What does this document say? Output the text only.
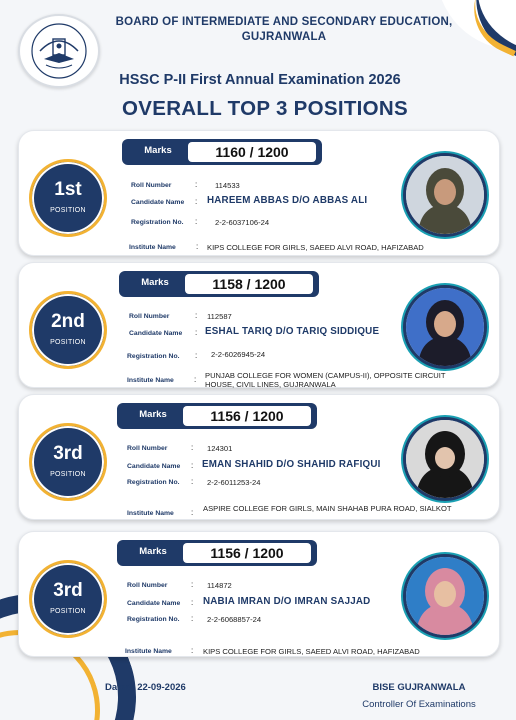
BOARD OF INTERMEDIATE AND SECONDARY EDUCATION,
GUJRANWALA
HSSC P-II First Annual Examination 2026
OVERALL TOP 3 POSITIONS
1st
POSITION
Marks	1160 / 1200
Roll Number	: 114533
Candidate Name : HAREEM ABBAS D/O ABBAS ALI
Registration No. : 2-2-6037106-24
Institute Name	: KIPS COLLEGE FOR GIRLS, SAEED ALVI ROAD, HAFIZABAD
2nd
POSITION
Marks	1158 / 1200
Roll Number	: 112587
Candidate Name : ESHAL TARIQ D/O TARIQ SIDDIQUE
Registration No. : 2-2-6026945-24
Institute Name	: PUNJAB COLLEGE FOR WOMEN (CAMPUS-II), OPPOSITE CIRCUIT HOUSE, CIVIL LINES, GUJRANWALA
3rd
POSITION
Marks	1156 / 1200
Roll Number	: 124301
Candidate Name : EMAN SHAHID D/O SHAHID RAFIQUI
Registration No. : 2-2-6011253-24
Institute Name : ASPIRE COLLEGE FOR GIRLS, MAIN SHAHAB PURA ROAD, SIALKOT
3rd
POSITION
Marks	1156 / 1200
Roll Number	: 114872
Candidate Name : NABIA IMRAN D/O IMRAN SAJJAD
Registration No. : 2-2-6068857-24
Institute Name : KIPS COLLEGE FOR GIRLS, SAEED ALVI ROAD, HAFIZABAD
Dated: 22-09-2026	BISE GUJRANWALA
Controller Of Examinations
